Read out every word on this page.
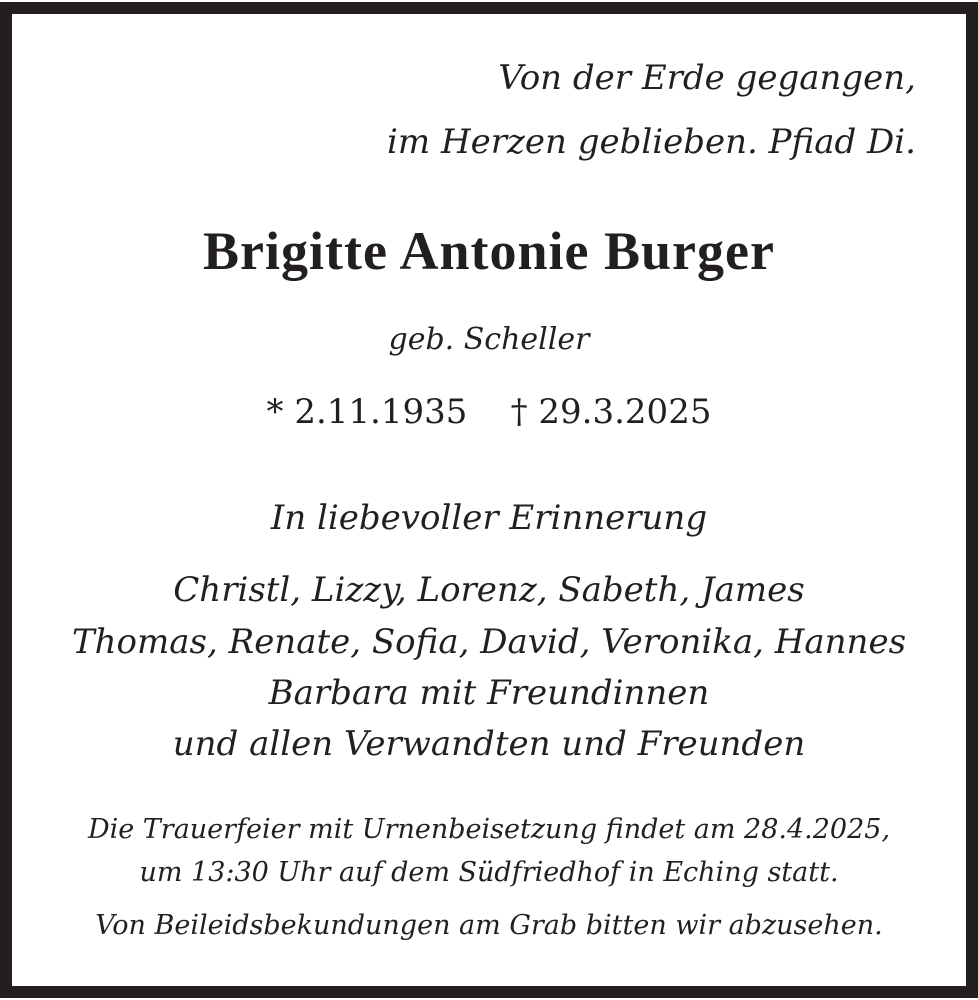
Von der Erde gegangen,
im Herzen geblieben. Pfiad Di.
Brigitte Antonie Burger
geb. Scheller
* 2.11.1935 † 29.3.2025
In liebevoller Erinnerung
Christl, Lizzy, Lorenz, Sabeth, James
Thomas, Renate, Sofia, David, Veronika, Hannes
Barbara mit Freundinnen
und allen Verwandten und Freunden
Die Trauerfeier mit Urnenbeisetzung findet am 28.4.2025,
um 13:30 Uhr auf dem Südfriedhof in Eching statt.
Von Beileidsbekundungen am Grab bitten wir abzusehen.
